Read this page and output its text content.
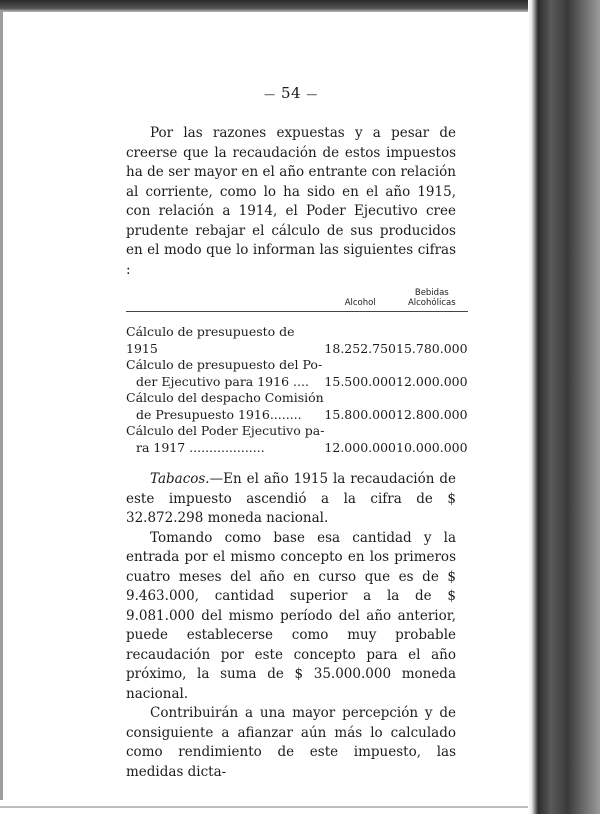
— 54 —

Por las razones expuestas y a pesar de creerse que la recaudación de estos impuestos ha de ser mayor en el año entrante con relación al corriente, como lo ha sido en el año 1915, con relación a 1914, el Poder Ejecutivo cree prudente rebajar el cálculo de sus producidos en el modo que lo informan las siguientes cifras :

	Alcohol	Bebidas
Alcohólicas
Cálculo de presupuesto de 1915	18.252.750	15.780.000
Cálculo de presupuesto del Po-
der Ejecutivo para 1916 ....	15.500.000	12.000.000
Cálculo del despacho Comisión
de Presupuesto 1916........	15.800.000	12.800.000
Cálculo del Poder Ejecutivo pa-
ra 1917 ...................	12.000.000	10.000.000

Tabacos.—En el año 1915 la recaudación de este impuesto ascendió a la cifra de $ 32.872.298 moneda nacional.

Tomando como base esa cantidad y la entrada por el mismo concepto en los primeros cuatro meses del año en curso que es de $ 9.463.000, cantidad superior a la de $ 9.081.000 del mismo período del año anterior, puede establecerse como muy probable recaudación por este concepto para el año próximo, la suma de $ 35.000.000 moneda nacional.

Contribuirán a una mayor percepción y de consiguiente a afianzar aún más lo calculado como rendimiento de este impuesto, las medidas dicta-
